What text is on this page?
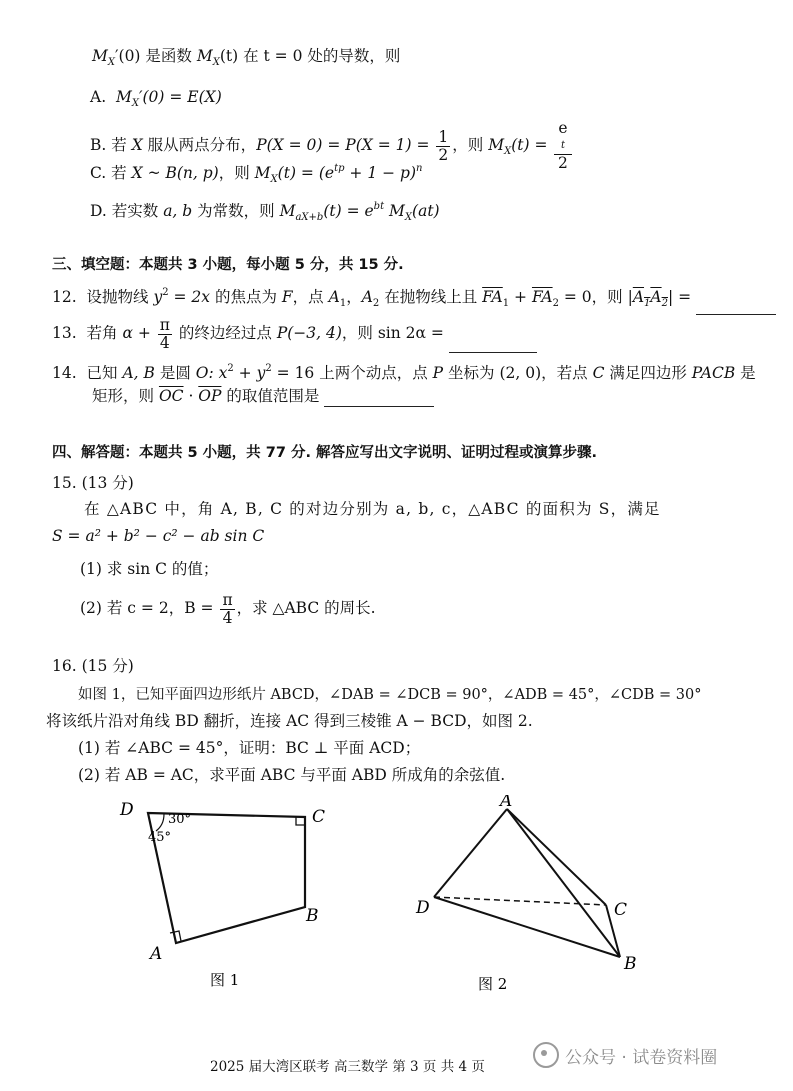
$M_X'(0)$ 是函数 $M_X(t)$ 在 t = 0 处的导数，则
A. $M_X'(0) = E(X)$
B. 若 X 服从两点分布，$P(X = 0) = P(X = 1) = \frac{1}{2}$ ，则 $M_X(t) = e$
t
2
C. 若 X ~ B(n, p)，则 $M_X(t) = (e^{tp} + 1 - p)^n$
D. 若实数 a, b 为常数，则 $M_{aX+b}(t) = e^{bt}$ $M_X(at)$
三、填空题：本题共 3 小题，每小题 5 分，共 15 分.
12. 设抛物线 $y^2 = 2x$ 的焦点为 F，点 $A_1$，$A_2$ 在抛物线上且 $\overline{FA}_1 + \overline{FA}_2 = 0$，则 $|A_1A_2|$ =
13. 若角 $\alpha + \frac{\pi}{4}$ 的终边经过点 P(−3, 4)，则 sin 2α =
14. 已知 A, B 是圆 O: $x^2 + y^2 = 16$ 上两个动点，点 P 坐标为 (2, 0)，若点 C 满足四边形 PACB 是
矩形，则 $\overline{OC} \cdot \overline{OP}$ 的取值范围是
四、解答题：本题共 5 小题，共 77 分. 解答应写出文字说明、证明过程或演算步骤.
15. (13 分)
在 △ABC 中，角 A, B, C 的对边分别为 a, b, c，△ABC 的面积为 S，满足
S = a² + b² − c² − ab sin C
(1) 求 sin C 的值；
(2) 若 c = 2，$B = \frac{\pi}{4}$ ，求 △ABC 的周长.
16. (15 分)
如图 1，已知平面四边形纸片 ABCD，∠DAB = ∠DCB = 90°，∠ADB = 45°，∠CDB = 30°
将该纸片沿对角线 BD 翻折，连接 AC 得到三棱锥 A − BCD，如图 2.
(1) 若 ∠ABC = 45°，证明：BC ⊥ 平面 ACD；
(2) 若 AB = AC，求平面 ABC 与平面 ABD 所成角的余弦值.
D	C
B
A
30°
45°
图 1
A
D	C
B
图 2
2025 届大湾区联考 高三数学 第 3 页 共 4 页	公众号 · 试卷资料圈
